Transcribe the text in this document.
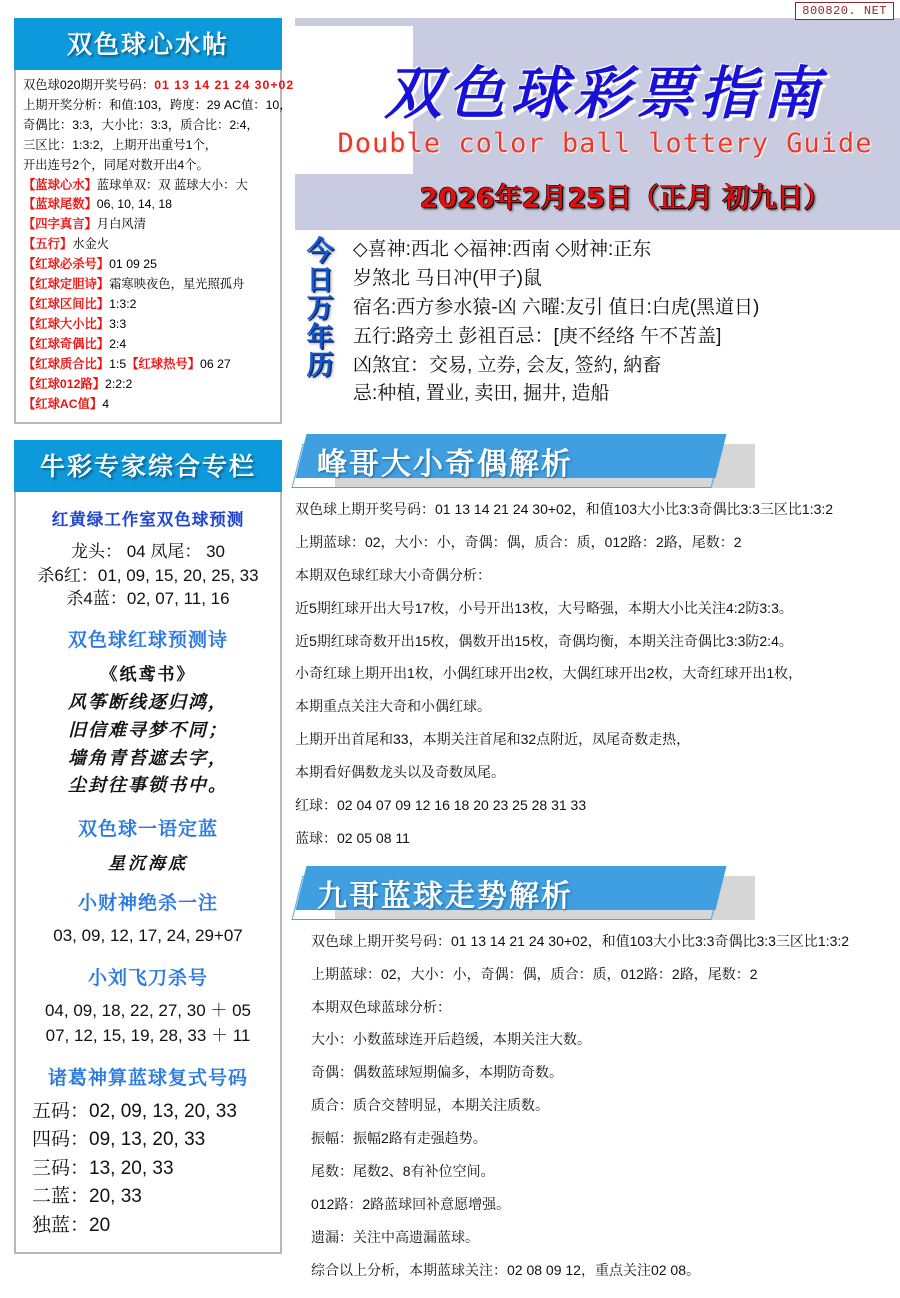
800820. NET
双色球心水帖
双色球020期开奖号码：01 13 14 21 24 30+02
上期开奖分析：和值:103，跨度：29 AC值：10，
奇偶比：3:3，大小比：3:3，质合比：2:4，
三区比：1:3:2，上期开出重号1个，
开出连号2个，同尾对数开出4个。
【蓝球心水】蓝球单双：双 蓝球大小：大
【蓝球尾数】06, 10, 14, 18
【四字真言】月白风清
【五行】水金火
【红球必杀号】01 09 25
【红球定胆诗】霜寒映夜色，星光照孤舟
【红球区间比】1:3:2
【红球大小比】3:3
【红球奇偶比】2:4
【红球质合比】1:5【红球热号】06 27
【红球012路】2:2:2
【红球AC值】4
牛彩专家综合专栏
红黄绿工作室双色球预测
龙头： 04 凤尾： 30
杀6红：01, 09, 15, 20, 25, 33
杀4蓝：02, 07, 11, 16
双色球红球预测诗
《纸鸢书》
风筝断线逐归鸿，
旧信难寻梦不同；
墙角青苔遮去字，
尘封往事锁书中。
双色球一语定蓝
星沉海底
小财神绝杀一注
03, 09, 12, 17, 24, 29+07
小刘飞刀杀号
04, 09, 18, 22, 27, 30 ＋ 05
07, 12, 15, 19, 28, 33 ＋ 11
诸葛神算蓝球复式号码
五码：02, 09, 13, 20, 33
四码：09, 13, 20, 33
三码：13, 20, 33
二蓝：20, 33
独蓝：20
双色球彩票指南
Double color ball lottery Guide
2026年2月25日（正月 初九日）
今日万年历
◇喜神:西北 ◇福神:西南 ◇财神:正东
岁煞北 马日冲(甲子)鼠
宿名:西方参水猿-凶 六曜:友引 值日:白虎(黑道日)
五行:路旁土 彭祖百忌：[庚不经络 午不苫盖]
凶煞宜：交易, 立券, 会友, 签約, 納畜
忌:种植, 置业, 卖田, 掘井, 造船
峰哥大小奇偶解析
双色球上期开奖号码：01 13 14 21 24 30+02，和值103大小比3:3奇偶比3:3三区比1:3:2
上期蓝球：02，大小：小，奇偶：偶，质合：质，012路：2路，尾数：2
本期双色球红球大小奇偶分析：
近5期红球开出大号17枚，小号开出13枚，大号略强，本期大小比关注4:2防3:3。
近5期红球奇数开出15枚，偶数开出15枚，奇偶均衡，本期关注奇偶比3:3防2:4。
小奇红球上期开出1枚，小偶红球开出2枚，大偶红球开出2枚，大奇红球开出1枚，
本期重点关注大奇和小偶红球。
上期开出首尾和33，本期关注首尾和32点附近，凤尾奇数走热，
本期看好偶数龙头以及奇数凤尾。
红球：02 04 07 09 12 16 18 20 23 25 28 31 33
蓝球：02 05 08 11
九哥蓝球走势解析
双色球上期开奖号码：01 13 14 21 24 30+02，和值103大小比3:3奇偶比3:3三区比1:3:2
上期蓝球：02，大小：小，奇偶：偶，质合：质，012路：2路，尾数：2
本期双色球蓝球分析：
大小：小数蓝球连开后趋缓，本期关注大数。
奇偶：偶数蓝球短期偏多，本期防奇数。
质合：质合交替明显，本期关注质数。
振幅：振幅2路有走强趋势。
尾数：尾数2、8有补位空间。
012路：2路蓝球回补意愿增强。
遗漏：关注中高遗漏蓝球。
综合以上分析，本期蓝球关注：02 08 09 12，重点关注02 08。
